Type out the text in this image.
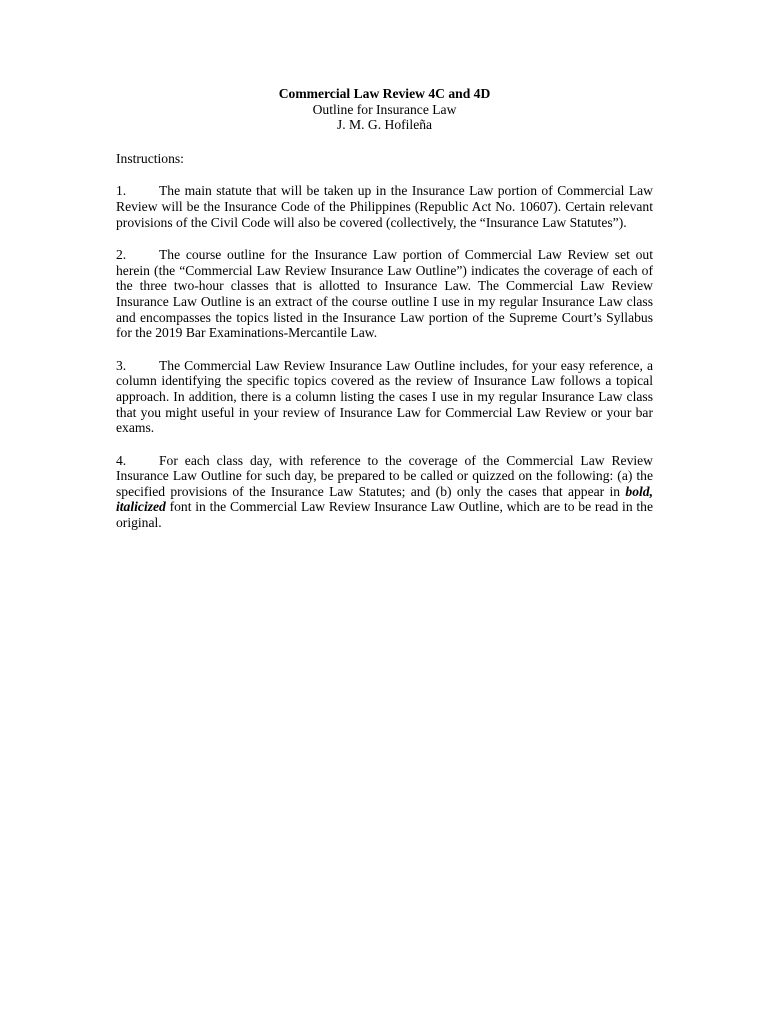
Commercial Law Review 4C and 4D
Outline for Insurance Law
J. M. G. Hofileña
Instructions:
1. The main statute that will be taken up in the Insurance Law portion of Commercial Law Review will be the Insurance Code of the Philippines (Republic Act No. 10607). Certain relevant provisions of the Civil Code will also be covered (collectively, the “Insurance Law Statutes”).
2. The course outline for the Insurance Law portion of Commercial Law Review set out herein (the “Commercial Law Review Insurance Law Outline”) indicates the coverage of each of the three two-hour classes that is allotted to Insurance Law. The Commercial Law Review Insurance Law Outline is an extract of the course outline I use in my regular Insurance Law class and encompasses the topics listed in the Insurance Law portion of the Supreme Court’s Syllabus for the 2019 Bar Examinations-Mercantile Law.
3. The Commercial Law Review Insurance Law Outline includes, for your easy reference, a column identifying the specific topics covered as the review of Insurance Law follows a topical approach. In addition, there is a column listing the cases I use in my regular Insurance Law class that you might useful in your review of Insurance Law for Commercial Law Review or your bar exams.
4. For each class day, with reference to the coverage of the Commercial Law Review Insurance Law Outline for such day, be prepared to be called or quizzed on the following: (a) the specified provisions of the Insurance Law Statutes; and (b) only the cases that appear in bold, italicized font in the Commercial Law Review Insurance Law Outline, which are to be read in the original.
